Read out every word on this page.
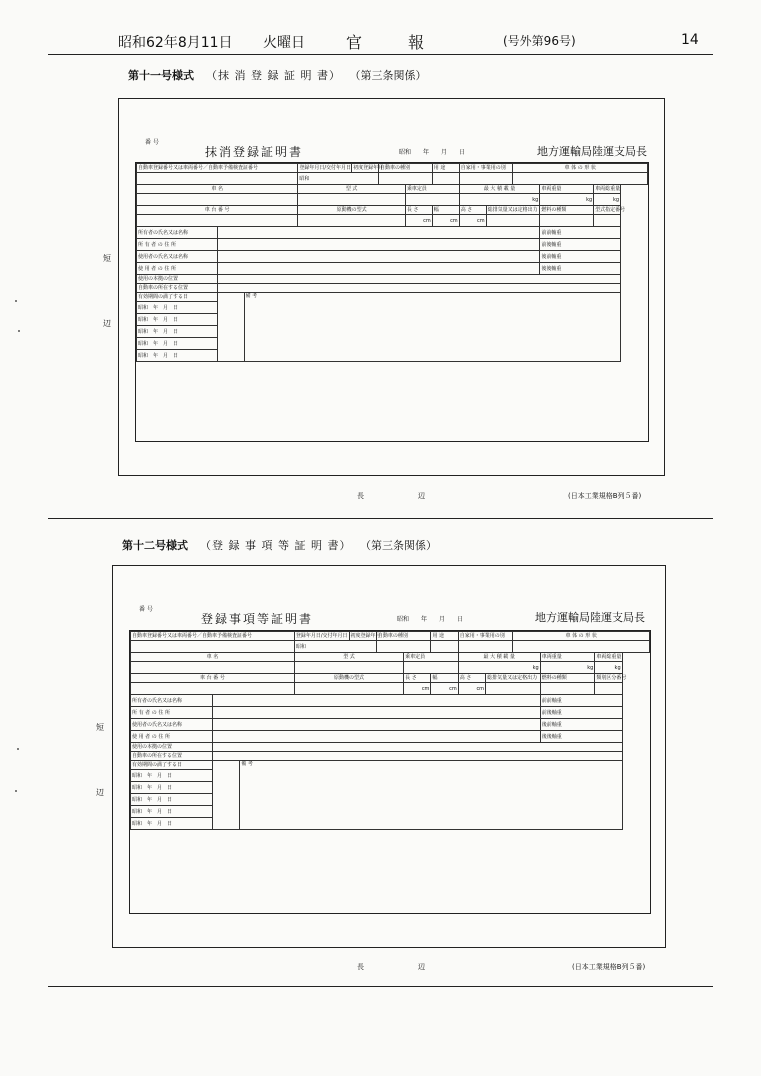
昭和62年8月11日 火曜日	官	報	(号外第96号)	14
第十一号様式 （抹 消 登 録 証 明 書） （第三条関係）
番 号
抹消登録証明書	昭和　　年　　月　　日	地方運輸局陸運支局長
自動車登録番号又は車両番号／自動車予備検査証番号			登録年月日/交付年月日	初度登録年月	自動車の種別		用 途	自家用・事業用の別		車 体 の 形 状		
			昭和									
車 名			型 式			乗車定員		最 大 積 載 量			車両重量	車両総重量
								kg			kg	kg
車 台 番 号			原動機の型式			長 さ	幅	高 さ	総排気量又は定格出力		燃料の種類	型式指定番号
						cm	cm	cm				
所有者の氏名又は名称											前前軸重	
所 有 者 の 住 所											前後軸重	
使用者の氏名又は名称											後前軸重	
使 用 者 の 住 所											後後軸重	
使用の本拠の位置												
自動車の所在する位置												
有効期間の満了する日		備 考										
昭和　 年　月　日												
昭和　 年　月　日												
昭和　 年　月　日												
昭和　 年　月　日												
昭和　 年　月　日												
短
辺
長	辺	(日本工業規格B列５番)
第十二号様式 （登 録 事 項 等 証 明 書） （第三条関係）
番 号
登録事項等証明書	昭和　　年　　月　　日	地方運輸局陸運支局長
自動車登録番号又は車両番号／自動車予備検査証番号			登録年月日/交付年月日	初度登録年月	自動車の種別		用 途	自家用・事業用の別		車 体 の 形 状		
			昭和									
車 名			型 式			乗車定員		最 大 積 載 量			車両重量	車両総重量
								kg			kg	kg
車 台 番 号			原動機の型式			長 さ	幅	高 さ	総排気量又は定格出力		燃料の種類	類別区分番号
						cm	cm	cm				
所有者の氏名又は名称											前前軸重	
所 有 者 の 住 所											前後軸重	
使用者の氏名又は名称											後前軸重	
使 用 者 の 住 所											後後軸重	
使用の本拠の位置												
自動車の所在する位置												
有効期間の満了する日		備 考										
昭和　 年　月　日												
昭和　 年　月　日												
昭和　 年　月　日												
昭和　 年　月　日												
昭和　 年　月　日												
短
辺
長	辺	(日本工業規格B列５番)
